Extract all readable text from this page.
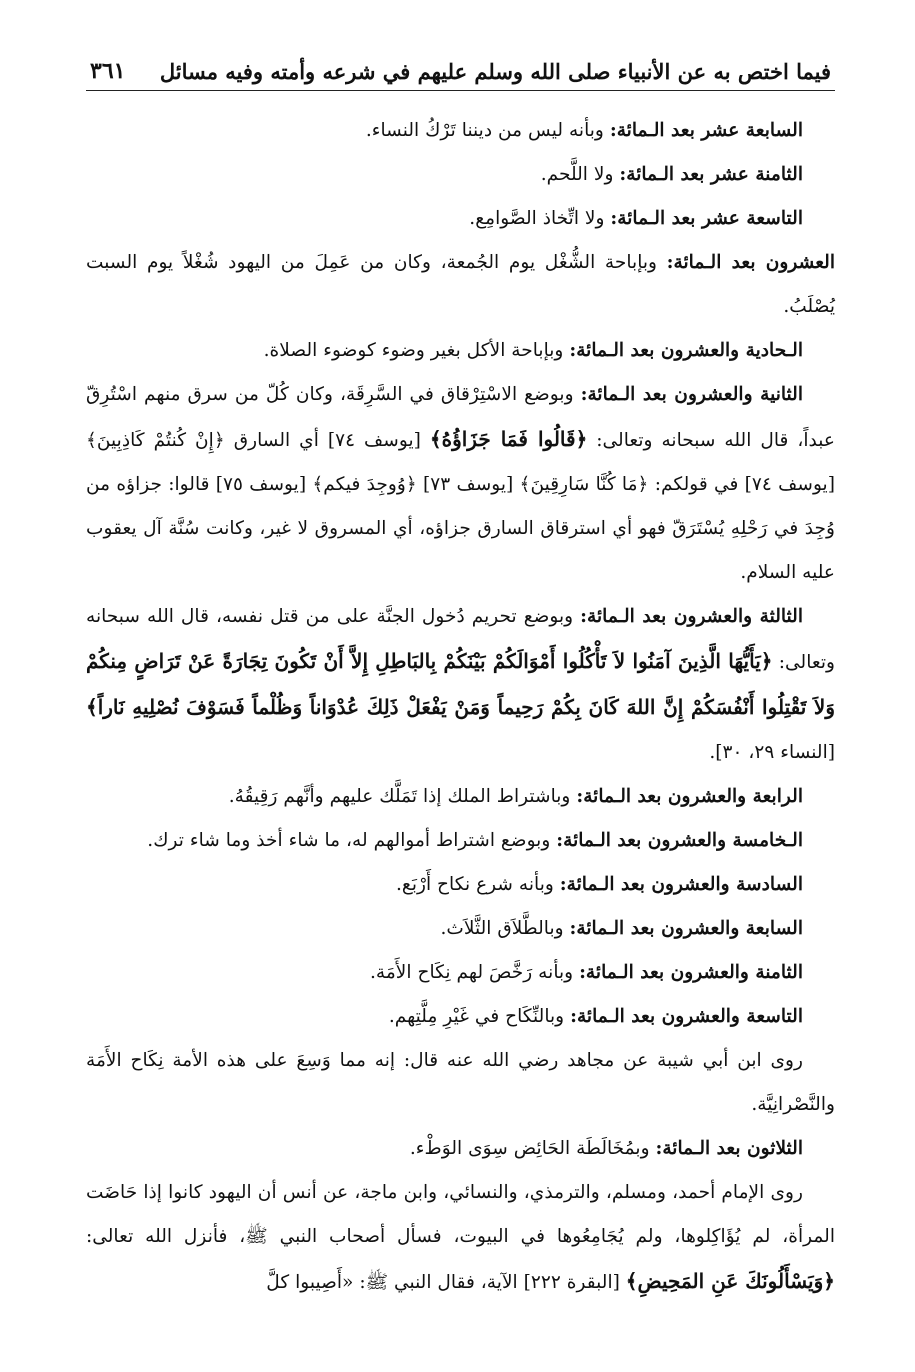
فيما اختص به عن الأنبياء صلى الله وسلم عليهم في شرعه وأمته وفيه مسائل
٣٦١

السابعة عشر بعد الـمائة: وبأنه ليس من ديننا تَرْكُ النساء.

الثامنة عشر بعد الـمائة: ولا اللَّحم.

التاسعة عشر بعد الـمائة: ولا اتِّخاذ الصَّوامِع.

العشرون بعد الـمائة: وبإباحة الشُّغْل يوم الجُمعة، وكان من عَمِلَ من اليهود شُغْلاً يوم السبت يُصْلَبُ.

الـحادية والعشرون بعد الـمائة: وبإباحة الأكل بغير وضوء كوضوء الصلاة.

الثانية والعشرون بعد الـمائة: وبوضع الاسْتِرْقاق في السَّرِقَة، وكان كُلّ من سرق منهم اسْتُرِقّ عبداً، قال الله سبحانه وتعالى: ﴿قَالُوا فَمَا جَزَاؤُهُ﴾ [يوسف ٧٤] أي السارق ﴿إِنْ كُنتُمْ كَاذِبِينَ﴾ [يوسف ٧٤] في قولكم: ﴿مَا كُنَّا سَارِقِينَ﴾ [يوسف ٧٣] ﴿وُوجِدَ فيكم﴾ [يوسف ٧٥] قالوا: جزاؤه من وُجِدَ في رَحْلِهِ يُسْتَرَقّ فهو أي استرقاق السارق جزاؤه، أي المسروق لا غير، وكانت سُنَّة آل يعقوب عليه السلام.

الثالثة والعشرون بعد الـمائة: وبوضع تحريم دُخول الجنَّة على من قتل نفسه، قال الله سبحانه وتعالى: ﴿يَأَيُّهَا الَّذِينَ آمَنُوا لاَ تَأْكُلُوا أَمْوَالَكُمْ بَيْنَكُمْ بِالبَاطِلِ إِلاَّ أَنْ تَكُونَ تِجَارَةً عَنْ تَرَاضٍ مِنكُمْ وَلاَ تَقْتِلُوا أَنْفُسَكُمْ إِنَّ اللهَ كَانَ بِكُمْ رَحِيماً وَمَنْ يَفْعَلْ ذَلِكَ عُدْوَاناً وَظُلْماً فَسَوْفَ نُصْلِيهِ نَاراً﴾ [النساء ٢٩، ٣٠].

الرابعة والعشرون بعد الـمائة: وباشتراط الملك إذا تَمَلَّك عليهم وأنَّهم رَقِيقُهُ.

الـخامسة والعشرون بعد الـمائة: وبوضع اشتراط أموالهم له، ما شاء أخذ وما شاء ترك.

السادسة والعشرون بعد الـمائة: وبأنه شرع نكاح أَرْبَع.

السابعة والعشرون بعد الـمائة: وبالطَّلاَق الثَّلاَث.

الثامنة والعشرون بعد الـمائة: وبأنه رَخَّصَ لهم نِكَاح الأَمَة.

التاسعة والعشرون بعد الـمائة: وبالنِّكَاح في غَيْرِ مِلَّتِهم.

روى ابن أبي شيبة عن مجاهد رضي الله عنه قال: إنه مما وَسِعَ على هذه الأمة نِكَاح الأَمَة والنَّصْرانِيَّة.

الثلاثون بعد الـمائة: وبمُخَالَطَة الحَائِض سِوَى الوَطْء.

روى الإمام أحمد، ومسلم، والترمذي، والنسائي، وابن ماجة، عن أنس أن اليهود كانوا إذا حَاضَت المرأة، لم يُؤَاكِلوها، ولم يُجَامِعُوها في البيوت، فسأل أصحاب النبي ﷺ، فأنزل الله تعالى: ﴿وَيَسْأَلُونَكَ عَنِ المَحِيضِ﴾ [البقرة ٢٢٢] الآية، فقال النبي ﷺ: «أَصِيبوا كلَّ
